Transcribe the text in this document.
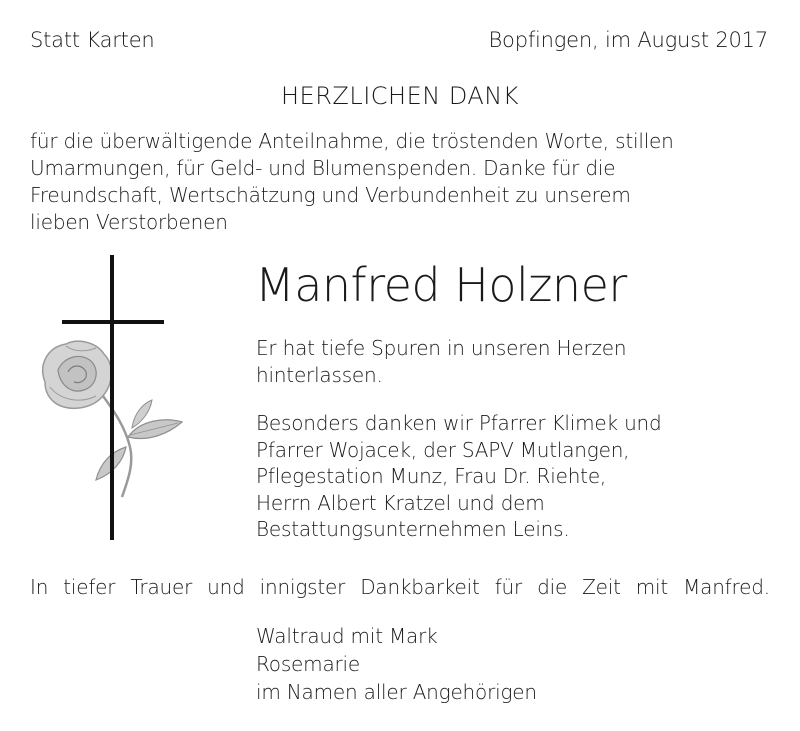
Statt Karten	Bopfingen, im August 2017

HERZLICHEN DANK

für die überwältigende Anteilnahme, die tröstenden Worte, stillen
Umarmungen, für Geld- und Blumenspenden. Danke für die
Freundschaft, Wertschätzung und Verbundenheit zu unserem
lieben Verstorbenen

Manfred Holzner

Er hat tiefe Spuren in unseren Herzen
hinterlassen.
Besonders danken wir Pfarrer Klimek und
Pfarrer Wojacek, der SAPV Mutlangen,
Pflegestation Munz, Frau Dr. Riehte,
Herrn Albert Kratzel und dem
Bestattungsunternehmen Leins.
In tiefer Trauer und innigster Dankbarkeit für die Zeit mit Manfred.
Waltraud mit Mark
Rosemarie
im Namen aller Angehörigen
